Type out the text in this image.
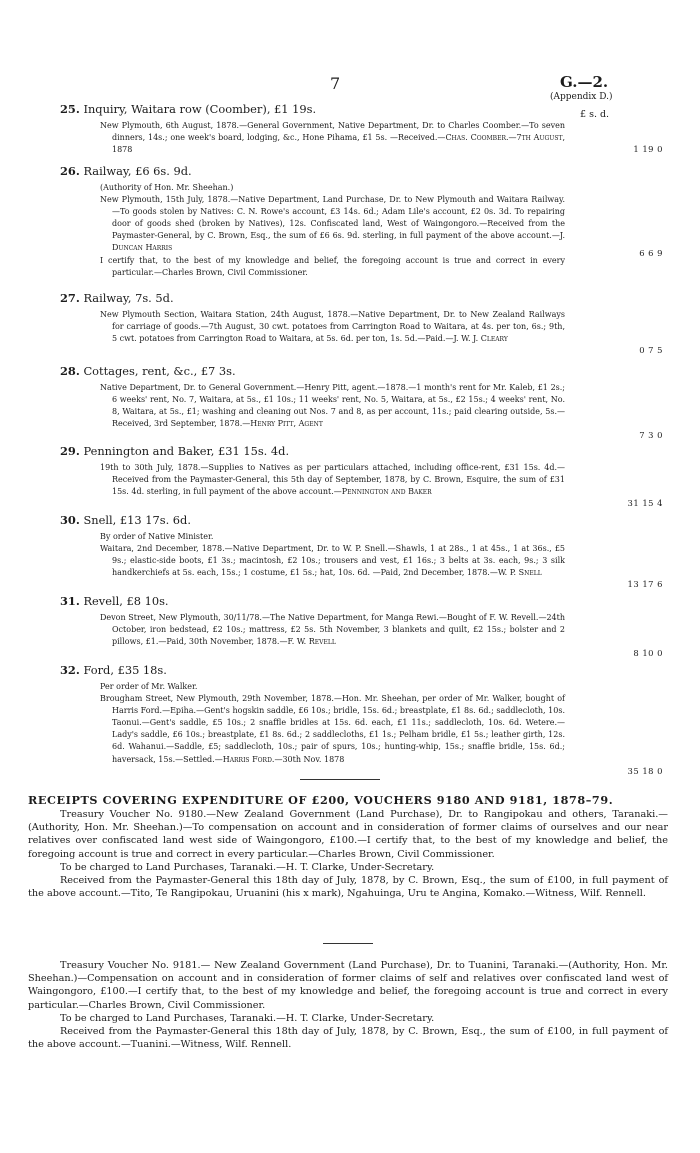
7	G.—2.
(Appendix D.)
£ s. d.
25. Inquiry, Waitara row (Coomber), £1 19s.

New Plymouth, 6th August, 1878.—General Government, Native Department, Dr. to Charles Coomber.—To seven dinners, 14s.; one week's board, lodging, &c., Hone Pihama, £1 5s. —Received.—Chas. Coomber.—7th August, 1878	1 19 0
26. Railway, £6 6s. 9d.
(Authority of Hon. Mr. Sheehan.)

New Plymouth, 15th July, 1878.—Native Department, Land Purchase, Dr. to New Plymouth and Waitara Railway.—To goods stolen by Natives: C. N. Rowe's account, £3 14s. 6d.; Adam Lile's account, £2 0s. 3d. To repairing door of goods shed (broken by Natives), 12s. Confiscated land, West of Waingongoro.—Received from the Paymaster-General, by C. Brown, Esq., the sum of £6 6s. 9d. sterling, in full payment of the above account.—J. Duncan Harris

I certify that, to the best of my knowledge and belief, the foregoing account is true and correct in every particular.—Charles Brown, Civil Commissioner.

6 6 9
27. Railway, 7s. 5d.

New Plymouth Section, Waitara Station, 24th August, 1878.—Native Department, Dr. to New Zealand Railways for carriage of goods.—7th August, 30 cwt. potatoes from Carrington Road to Waitara, at 4s. per ton, 6s.; 9th, 5 cwt. potatoes from Carrington Road to Waitara, at 5s. 6d. per ton, 1s. 5d.—Paid.—J. W. J. Cleary

0 7 5
28. Cottages, rent, &c., £7 3s.

Native Department, Dr. to General Government.—Henry Pitt, agent.—1878.—1 month's rent for Mr. Kaleb, £1 2s.; 6 weeks' rent, No. 7, Waitara, at 5s., £1 10s.; 11 weeks' rent, No. 5, Waitara, at 5s., £2 15s.; 4 weeks' rent, No. 8, Waitara, at 5s., £1; washing and cleaning out Nos. 7 and 8, as per account, 11s.; paid clearing outside, 5s.—Received, 3rd September, 1878.—Henry Pitt, Agent

7 3 0
29. Pennington and Baker, £31 15s. 4d.

19th to 30th July, 1878.—Supplies to Natives as per particulars attached, including office-rent, £31 15s. 4d.—Received from the Paymaster-General, this 5th day of September, 1878, by C. Brown, Esquire, the sum of £31 15s. 4d. sterling, in full payment of the above account.—Pennington and Baker

31 15 4
30. Snell, £13 17s. 6d.
By order of Native Minister.

Waitara, 2nd December, 1878.—Native Department, Dr. to W. P. Snell.—Shawls, 1 at 28s., 1 at 45s., 1 at 36s., £5 9s.; elastic-side boots, £1 3s.; macintosh, £2 10s.; trousers and vest, £1 16s.; 3 belts at 3s. each, 9s.; 3 silk handkerchiefs at 5s. each, 15s.; 1 costume, £1 5s.; hat, 10s. 6d. —Paid, 2nd December, 1878.—W. P. Snell

13 17 6
31. Revell, £8 10s.

Devon Street, New Plymouth, 30/11/78.—The Native Department, for Manga Rewi.—Bought of F. W. Revell.—24th October, iron bedstead, £2 10s.; mattress, £2 5s. 5th November, 3 blankets and quilt, £2 15s.; bolster and 2 pillows, £1.—Paid, 30th November, 1878.—F. W. Revell

8 10 0
32. Ford, £35 18s.
Per order of Mr. Walker.

Brougham Street, New Plymouth, 29th November, 1878.—Hon. Mr. Sheehan, per order of Mr. Walker, bought of Harris Ford.—Epiha.—Gent's hogskin saddle, £6 10s.; bridle, 15s. 6d.; breastplate, £1 8s. 6d.; saddlecloth, 10s. Taonui.—Gent's saddle, £5 10s.; 2 snaffle bridles at 15s. 6d. each, £1 11s.; saddlecloth, 10s. 6d. Wetere.—Lady's saddle, £6 10s.; breastplate, £1 8s. 6d.; 2 saddlecloths, £1 1s.; Pelham bridle, £1 5s.; leather girth, 12s. 6d. Wahanui.—Saddle, £5; saddlecloth, 10s.; pair of spurs, 10s.; hunting-whip, 15s.; snaffle bridle, 15s. 6d.; haversack, 15s.—Settled.—Harris Ford.—30th Nov. 1878

35 18 0
RECEIPTS COVERING EXPENDITURE OF £200, VOUCHERS 9180 AND 9181, 1878–79.

Treasury Voucher No. 9180.—New Zealand Government (Land Purchase), Dr. to Rangipokau and others, Taranaki.—(Authority, Hon. Mr. Sheehan.)—To compensation on account and in consideration of former claims of ourselves and our near relatives over confiscated land west side of Waingongoro, £100.—I certify that, to the best of my knowledge and belief, the foregoing account is true and correct in every particular.—Charles Brown, Civil Commissioner.

To be charged to Land Purchases, Taranaki.—H. T. Clarke, Under-Secretary.

Received from the Paymaster-General this 18th day of July, 1878, by C. Brown, Esq., the sum of £100, in full payment of the above account.—Tito, Te Rangipokau, Uruanini (his x mark), Ngahuinga, Uru te Angina, Komako.—Witness, Wilf. Rennell.

Treasury Voucher No. 9181.— New Zealand Government (Land Purchase), Dr. to Tuanini, Taranaki.—(Authority, Hon. Mr. Sheehan.)—Compensation on account and in consideration of former claims of self and relatives over confiscated land west of Waingongoro, £100.—I certify that, to the best of my knowledge and belief, the foregoing account is true and correct in every particular.—Charles Brown, Civil Commissioner.

To be charged to Land Purchases, Taranaki.—H. T. Clarke, Under-Secretary.

Received from the Paymaster-General this 18th day of July, 1878, by C. Brown, Esq., the sum of £100, in full payment of the above account.—Tuanini.—Witness, Wilf. Rennell.
